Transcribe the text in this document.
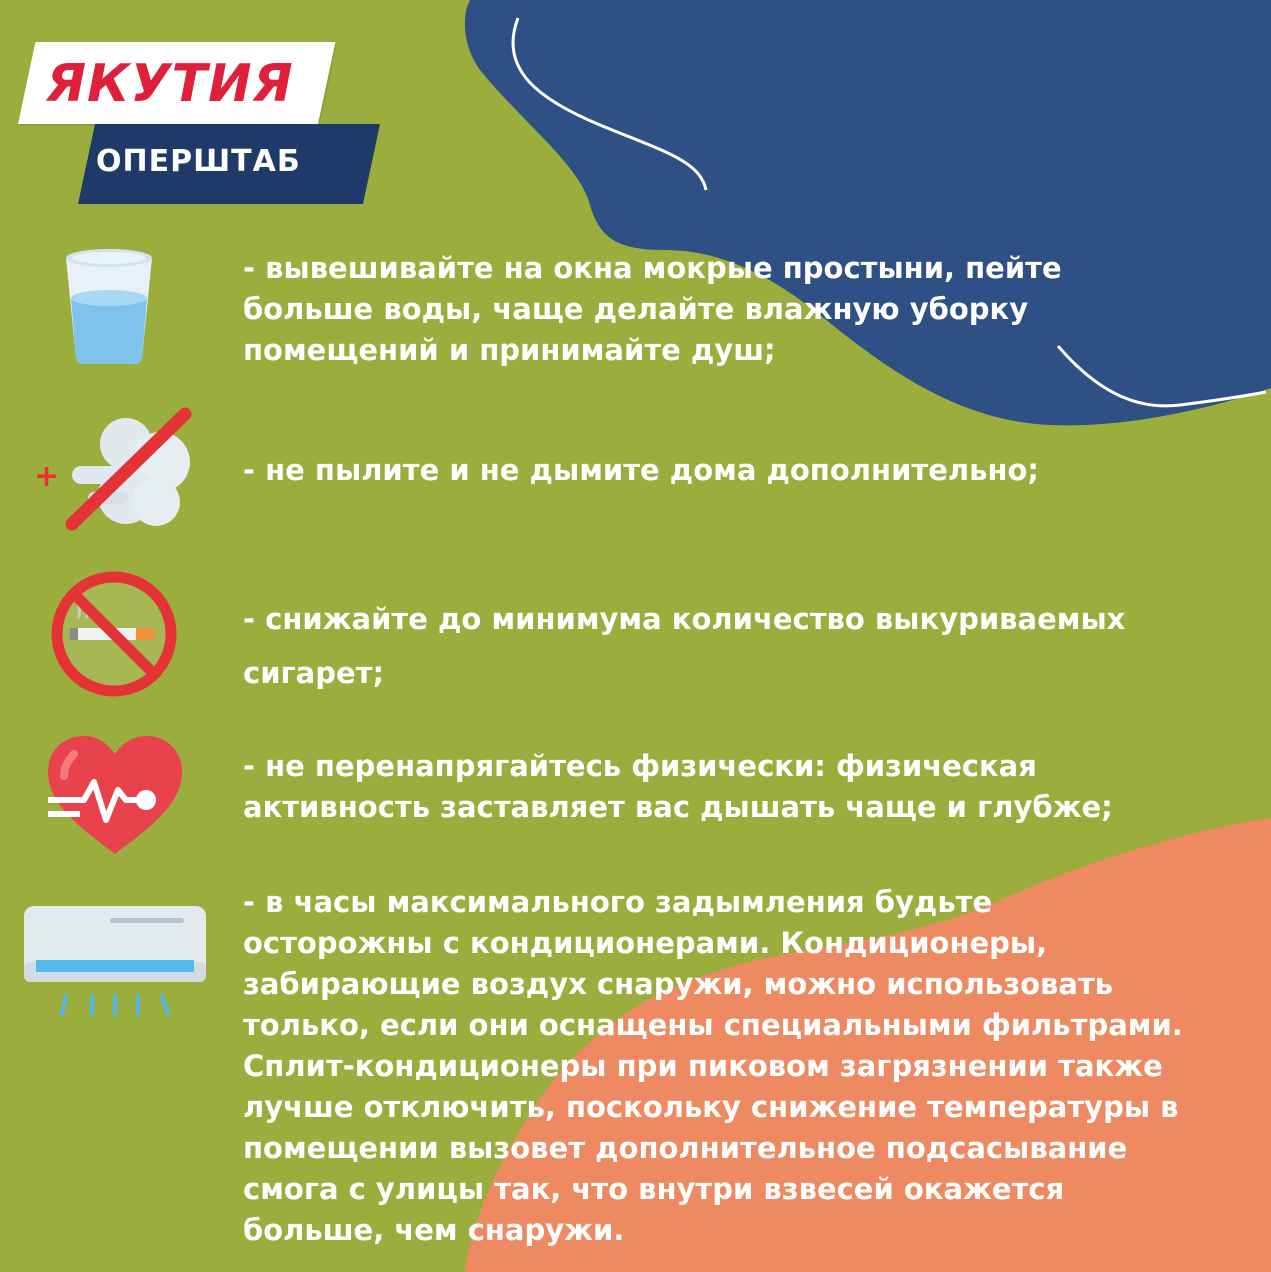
ЯКУТИЯ
ОПЕРШТАБ
+
- вывешивайте на окна мокрые простыни, пейте
больше воды, чаще делайте влажную уборку
помещений и принимайте душ;
- не пылите и не дымите дома дополнительно;
- снижайте до минимума количество выкуриваемых
сигарет;
- не перенапрягайтесь физически: физическая
активность заставляет вас дышать чаще и глубже;
- в часы максимального задымления будьте
осторожны с кондиционерами. Кондиционеры,
забирающие воздух снаружи, можно использовать
только, если они оснащены специальными фильтрами.
Сплит-кондиционеры при пиковом загрязнении также
лучше отключить, поскольку снижение температуры в
помещении вызовет дополнительное подсасывание
смога с улицы так, что внутри взвесей окажется
больше, чем снаружи.
